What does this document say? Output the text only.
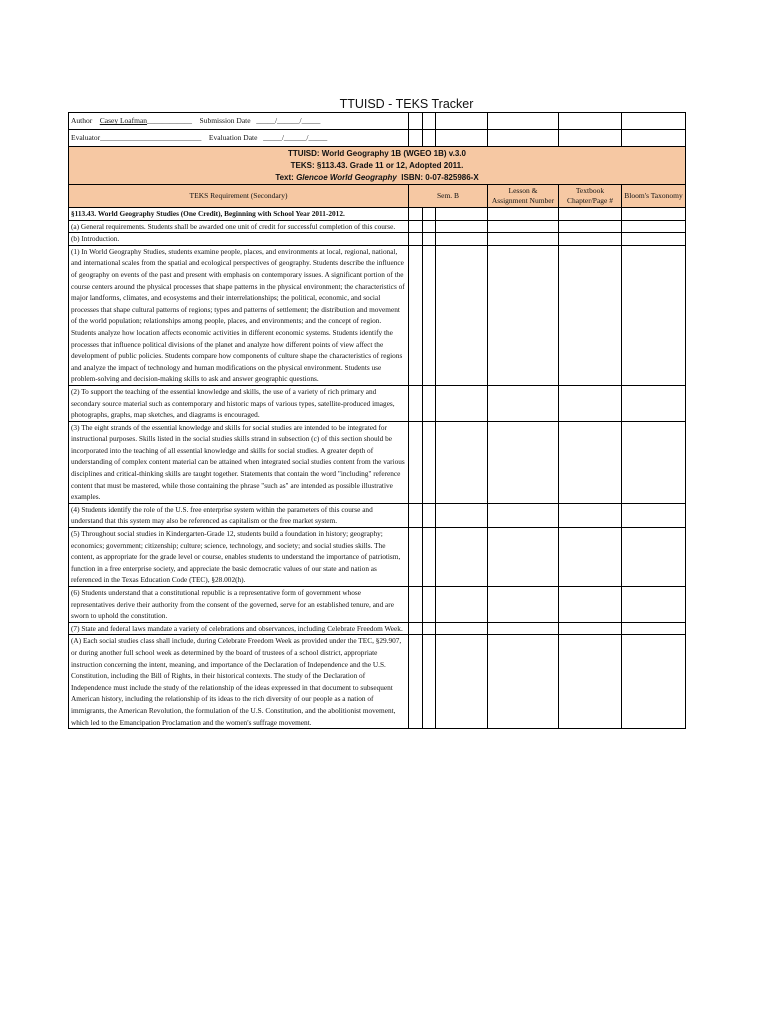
TTUISD - TEKS Tracker
Author Casey Loafman____________ Submission Date _____/______/_____						
Evaluator___________________________ Evaluation Date _____/______/_____						

TTUISD: World Geography 1B (WGEO 1B) v.3.0
TEKS: §113.43. Grade 11 or 12, Adopted 2011.
Text: Glencoe World Geography ISBN: 0-07-825986-X						

TEKS Requirement (Secondary)	Sem. B			Lesson & Assignment Number	Textbook Chapter/Page #	Bloom's Taxonomy
§113.43. World Geography Studies (One Credit), Beginning with School Year 2011-2012.						
(a) General requirements. Students shall be awarded one unit of credit for successful completion of this course.						
(b) Introduction.						
(1) In World Geography Studies, students examine people, places, and environments at local, regional, national, and international scales from the spatial and ecological perspectives of geography. Students describe the influence of geography on events of the past and present with emphasis on contemporary issues. A significant portion of the course centers around the physical processes that shape patterns in the physical environment; the characteristics of major landforms, climates, and ecosystems and their interrelationships; the political, economic, and social processes that shape cultural patterns of regions; types and patterns of settlement; the distribution and movement of the world population; relationships among people, places, and environments; and the concept of region. Students analyze how location affects economic activities in different economic systems. Students identify the processes that influence political divisions of the planet and analyze how different points of view affect the development of public policies. Students compare how components of culture shape the characteristics of regions and analyze the impact of technology and human modifications on the physical environment. Students use problem-solving and decision-making skills to ask and answer geographic questions.						
(2) To support the teaching of the essential knowledge and skills, the use of a variety of rich primary and secondary source material such as contemporary and historic maps of various types, satellite-produced images, photographs, graphs, map sketches, and diagrams is encouraged.						
(3) The eight strands of the essential knowledge and skills for social studies are intended to be integrated for instructional purposes. Skills listed in the social studies skills strand in subsection (c) of this section should be incorporated into the teaching of all essential knowledge and skills for social studies. A greater depth of understanding of complex content material can be attained when integrated social studies content from the various disciplines and critical-thinking skills are taught together. Statements that contain the word "including" reference content that must be mastered, while those containing the phrase "such as" are intended as possible illustrative examples.						
(4) Students identify the role of the U.S. free enterprise system within the parameters of this course and understand that this system may also be referenced as capitalism or the free market system.						
(5) Throughout social studies in Kindergarten-Grade 12, students build a foundation in history; geography; economics; government; citizenship; culture; science, technology, and society; and social studies skills. The content, as appropriate for the grade level or course, enables students to understand the importance of patriotism, function in a free enterprise society, and appreciate the basic democratic values of our state and nation as referenced in the Texas Education Code (TEC), §28.002(h).						
(6) Students understand that a constitutional republic is a representative form of government whose representatives derive their authority from the consent of the governed, serve for an established tenure, and are sworn to uphold the constitution.						
(7) State and federal laws mandate a variety of celebrations and observances, including Celebrate Freedom Week.						
(A) Each social studies class shall include, during Celebrate Freedom Week as provided under the TEC, §29.907, or during another full school week as determined by the board of trustees of a school district, appropriate instruction concerning the intent, meaning, and importance of the Declaration of Independence and the U.S. Constitution, including the Bill of Rights, in their historical contexts. The study of the Declaration of Independence must include the study of the relationship of the ideas expressed in that document to subsequent American history, including the relationship of its ideas to the rich diversity of our people as a nation of immigrants, the American Revolution, the formulation of the U.S. Constitution, and the abolitionist movement, which led to the Emancipation Proclamation and the women's suffrage movement.						
